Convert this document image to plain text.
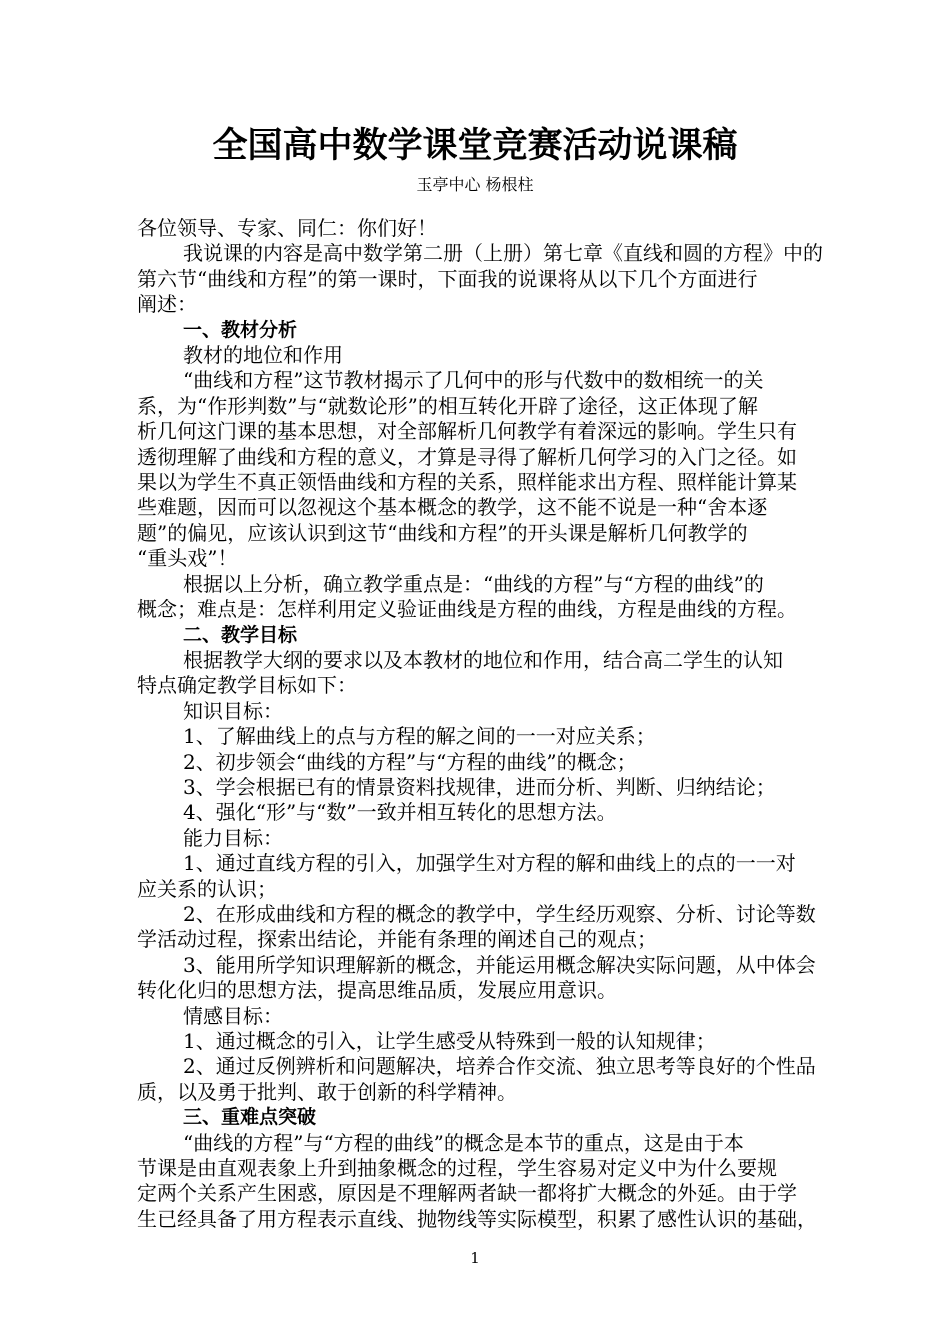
全国高中数学课堂竞赛活动说课稿

玉亭中心 杨根柱

各位领导、专家、同仁：你们好！

我说课的内容是高中数学第二册（上册）第七章《直线和圆的方程》中的

第六节“曲线和方程”的第一课时，下面我的说课将从以下几个方面进行

阐述：

一、教材分析

教材的地位和作用

“曲线和方程”这节教材揭示了几何中的形与代数中的数相统一的关

系，为“作形判数”与“就数论形”的相互转化开辟了途径，这正体现了解

析几何这门课的基本思想，对全部解析几何教学有着深远的影响。学生只有

透彻理解了曲线和方程的意义，才算是寻得了解析几何学习的入门之径。如

果以为学生不真正领悟曲线和方程的关系，照样能求出方程、照样能计算某

些难题，因而可以忽视这个基本概念的教学，这不能不说是一种“舍本逐

题”的偏见，应该认识到这节“曲线和方程”的开头课是解析几何教学的

“重头戏”！

根据以上分析，确立教学重点是：“曲线的方程”与“方程的曲线”的

概念；难点是：怎样利用定义验证曲线是方程的曲线，方程是曲线的方程。

二、教学目标

根据教学大纲的要求以及本教材的地位和作用，结合高二学生的认知

特点确定教学目标如下：

知识目标：

1、了解曲线上的点与方程的解之间的一一对应关系；

2、初步领会“曲线的方程”与“方程的曲线”的概念；

3、学会根据已有的情景资料找规律，进而分析、判断、归纳结论；

4、强化“形”与“数”一致并相互转化的思想方法。

能力目标：

1、通过直线方程的引入，加强学生对方程的解和曲线上的点的一一对

应关系的认识；

2、在形成曲线和方程的概念的教学中，学生经历观察、分析、讨论等数

学活动过程，探索出结论，并能有条理的阐述自己的观点；

3、能用所学知识理解新的概念，并能运用概念解决实际问题，从中体会

转化化归的思想方法，提高思维品质，发展应用意识。

情感目标：

1、通过概念的引入，让学生感受从特殊到一般的认知规律；

2、通过反例辨析和问题解决，培养合作交流、独立思考等良好的个性品

质，以及勇于批判、敢于创新的科学精神。

三、重难点突破

“曲线的方程”与“方程的曲线”的概念是本节的重点，这是由于本

节课是由直观表象上升到抽象概念的过程，学生容易对定义中为什么要规

定两个关系产生困惑，原因是不理解两者缺一都将扩大概念的外延。由于学

生已经具备了用方程表示直线、抛物线等实际模型，积累了感性认识的基础，

1
